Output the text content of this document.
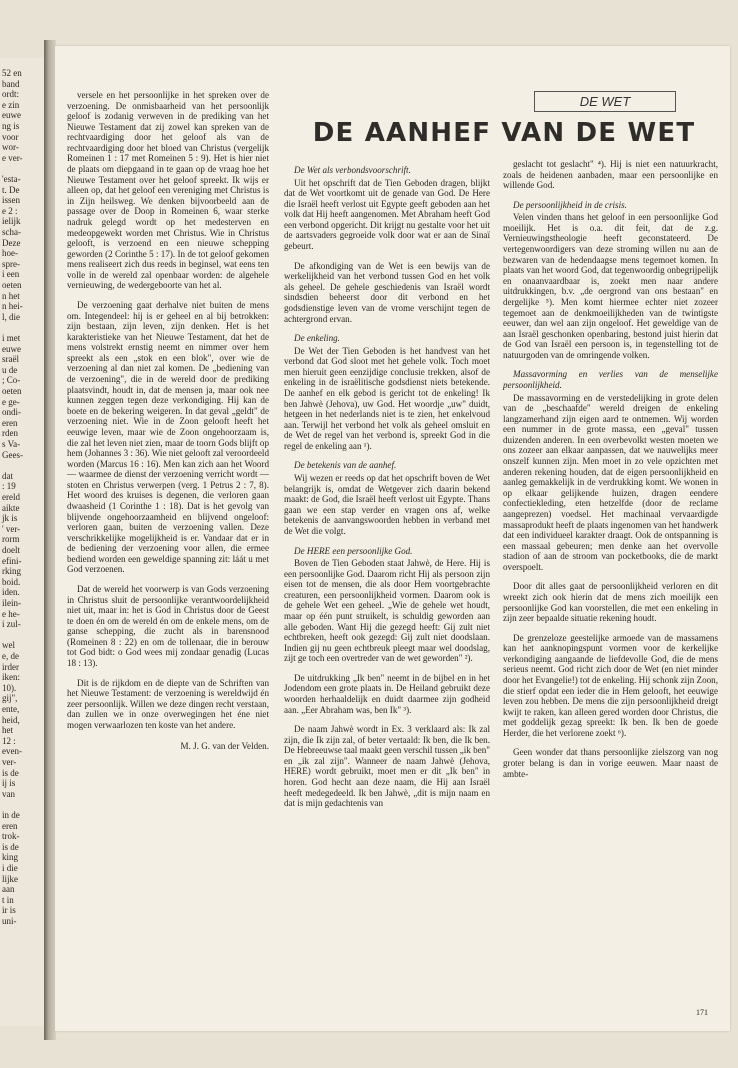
52 en
band
ordt:
e zin
euwe
ng is
voor
wor-
e ver-
'esta-
t. De
issen
e 2 :
ielijk
scha-
Deze
hoe-
spre-
i een
oeten
n het
n hei-
l, die
i met
euwe
sraël
u de
; Co-
oeten
e ge-
ondi-
eren
rden
s Va-
Gees-
dat
: 19
ereld
aikte
jk is
' ver-
rorm
doelt
efini-
rking
boid.
iden.
ilein-
e he-
i zul-
wel
e, de
irder
iken:
10).
gij",
ente,
heid,
het
12 :
even-
ver-
is de
ij is
van
in de
eren
trok-
is de
king
i die
lijke
aan
t in
ir is
uni-
DE WET
DE AANHEF VAN DE WET

versele en het persoonlijke in het spreken over de verzoening. De onmisbaarheid van het persoonlijk geloof is zodanig verweven in de prediking van het Nieuwe Testament dat zij zowel kan spreken van de rechtvaardiging door het geloof als van de rechtvaardiging door het bloed van Christus (vergelijk Romeinen 1 : 17 met Romeinen 5 : 9). Het is hier niet de plaats om diepgaand in te gaan op de vraag hoe het Nieuwe Testament over het geloof spreekt. Ik wijs er alleen op, dat het geloof een vereniging met Christus is in Zijn heilsweg. We denken bijvoorbeeld aan de passage over de Doop in Romeinen 6, waar sterke nadruk gelegd wordt op het medesterven en medeopgewekt worden met Christus. Wie in Christus gelooft, is verzoend en een nieuwe schepping geworden (2 Corinthe 5 : 17). In de tot geloof gekomen mens realiseert zich dus reeds in beginsel, wat eens ten volle in de wereld zal openbaar worden: de algehele vernieuwing, de wedergeboorte van het al.

De verzoening gaat derhalve niet buiten de mens om. Integendeel: hij is er geheel en al bij betrokken: zijn bestaan, zijn leven, zijn denken. Het is het karakteristieke van het Nieuwe Testament, dat het de mens volstrekt ernstig neemt en nimmer over hem spreekt als een „stok en een blok", over wie de verzoening al dan niet zal komen. De „bediening van de verzoening", die in de wereld door de prediking plaatsvindt, houdt in, dat de mensen ja, maar ook nee kunnen zeggen tegen deze verkondiging. Hij kan de boete en de bekering weigeren. In dat geval „geldt" de verzoening niet. Wie in de Zoon gelooft heeft het eeuwige leven, maar wie de Zoon ongehoorzaam is, die zal het leven niet zien, maar de toorn Gods blijft op hem (Johannes 3 : 36). Wie niet gelooft zal veroordeeld worden (Marcus 16 : 16). Men kan zich aan het Woord — waarmee de dienst der verzoening verricht wordt — stoten en Christus verwerpen (verg. 1 Petrus 2 : 7, 8). Het woord des kruises is degenen, die verloren gaan dwaasheid (1 Corinthe 1 : 18). Dat is het gevolg van blijvende ongehoorzaamheid en blijvend ongeloof: verloren gaan, buiten de verzoening vallen. Deze verschrikkelijke mogelijkheid is er. Vandaar dat er in de bediening der verzoening voor allen, die ermee bediend worden een geweldige spanning zit: láát u met God verzoenen.

Dat de wereld het voorwerp is van Gods verzoening in Christus sluit de persoonlijke verantwoordelijkheid niet uit, maar in: het is God in Christus door de Geest te doen én om de wereld én om de enkele mens, om de ganse schepping, die zucht als in barensnood (Romeinen 8 : 22) en om de tollenaar, die in berouw tot God bidt: o God wees mij zondaar genadig (Lucas 18 : 13).

Dit is de rijkdom en de diepte van de Schriften van het Nieuwe Testament: de verzoening is wereldwijd én zeer persoonlijk. Willen we deze dingen recht verstaan, dan zullen we in onze overwegingen het éne niet mogen verwaarlozen ten koste van het andere.

M. J. G. van der Velden.

De Wet als verbondsvoorschrift.

Uit het opschrift dat de Tien Geboden dragen, blijkt dat de Wet voortkomt uit de genade van God. De Here die Israël heeft verlost uit Egypte geeft geboden aan het volk dat Hij heeft aangenomen. Met Abraham heeft God een verbond opgericht. Dit krijgt nu gestalte voor het uit de aartsvaders gegroeide volk door wat er aan de Sinaï gebeurt.

De afkondiging van de Wet is een bewijs van de werkelijkheid van het verbond tussen God en het volk als geheel. De gehele geschiedenis van Israël wordt sindsdien beheerst door dit verbond en het godsdienstige leven van de vrome verschijnt tegen de achtergrond ervan.

De enkeling.

De Wet der Tien Geboden is het handvest van het verbond dat God sloot met het gehele volk. Toch moet men hieruit geen eenzijdige conclusie trekken, alsof de enkeling in de israëlitische godsdienst niets betekende. De aanhef en elk gebod is gericht tot de enkeling! Ik ben Jahwè (Jehova), uw God. Het woordje „uw" duidt, hetgeen in het nederlands niet is te zien, het enkelvoud aan. Terwijl het verbond het volk als geheel omsluit en de Wet de regel van het verbond is, spreekt God in die regel de enkeling aan ¹).

De betekenis van de aanhef.

Wij wezen er reeds op dat het opschrift boven de Wet belangrijk is, omdat de Wetgever zich daarin bekend maakt: de God, die Israël heeft verlost uit Egypte. Thans gaan we een stap verder en vragen ons af, welke betekenis de aanvangswoorden hebben in verband met de Wet die volgt.

De HERE een persoonlijke God.

Boven de Tien Geboden staat Jahwè, de Here. Hij is een persoonlijke God. Daarom richt Hij als persoon zijn eisen tot de mensen, die als door Hem voortgebrachte creaturen, een persoonlijkheid vormen. Daarom ook is de gehele Wet een geheel. „Wie de gehele wet houdt, maar op één punt struikelt, is schuldig geworden aan alle geboden. Want Hij die gezegd heeft: Gij zult niet echtbreken, heeft ook gezegd: Gij zult niet doodslaan. Indien gij nu geen echtbreuk pleegt maar wel doodslag, zijt ge toch een overtreder van de wet geworden" ²).

De uitdrukking „Ik ben" neemt in de bijbel en in het Jodendom een grote plaats in. De Heiland gebruikt deze woorden herhaaldelijk en duidt daarmee zijn godheid aan. „Eer Abraham was, ben Ik" ³).

De naam Jahwè wordt in Ex. 3 verklaard als: Ik zal zijn, die Ik zijn zal, of beter vertaald: Ik ben, die Ik ben. De Hebreeuwse taal maakt geen verschil tussen „ik ben" en „ik zal zijn". Wanneer de naam Jahwè (Jehova, HERE) wordt gebruikt, moet men er dit „Ik ben" in horen. God hecht aan deze naam, die Hij aan Israël heeft medegedeeld. Ik ben Jahwè, „dit is mijn naam en dat is mijn gedachtenis van

geslacht tot geslacht" ⁴). Hij is niet een natuurkracht, zoals de heidenen aanbaden, maar een persoonlijke en willende God.

De persoonlijkheid in de crisis.

Velen vinden thans het geloof in een persoonlijke God moeilijk. Het is o.a. dit feit, dat de z.g. Vernieuwingstheologie heeft geconstateerd. De vertegenwoordigers van deze stroming willen nu aan de bezwaren van de hedendaagse mens tegemoet komen. In plaats van het woord God, dat tegenwoordig onbegrijpelijk en onaanvaardbaar is, zoekt men naar andere uitdrukkingen, b.v. „de oergrond van ons bestaan" en dergelijke ⁵). Men komt hiermee echter niet zozeer tegemoet aan de denkmoeilijkheden van de twintigste eeuwer, dan wel aan zijn ongeloof. Het geweldige van de aan Israël geschonken openbaring, bestond juist hierin dat de God van Israël een persoon is, in tegenstelling tot de natuurgoden van de omringende volken.

Massavorming en verlies van de menselijke persoonlijkheid.

De massavorming en de verstedelijking in grote delen van de „beschaafde" wereld dreigen de enkeling langzamerhand zijn eigen aard te ontnemen. Wij worden een nummer in de grote massa, een „geval" tussen duizenden anderen. In een overbevolkt westen moeten we ons zozeer aan elkaar aanpassen, dat we nauwelijks meer onszelf kunnen zijn. Men moet in zo vele opzichten met anderen rekening houden, dat de eigen persoonlijkheid en aanleg gemakkelijk in de verdrukking komt. We wonen in op elkaar gelijkende huizen, dragen eendere confectiekleding, eten hetzelfde (door de reclame aangeprezen) voedsel. Het machinaal vervaardigde massaprodukt heeft de plaats ingenomen van het handwerk dat een individueel karakter draagt. Ook de ontspanning is een massaal gebeuren; men denke aan het overvolle stadion of aan de stroom van pocketbooks, die de markt overspoelt.

Door dit alles gaat de persoonlijkheid verloren en dit wreekt zich ook hierin dat de mens zich moeilijk een persoonlijke God kan voorstellen, die met een enkeling in zijn zeer bepaalde situatie rekening houdt.

De grenzeloze geestelijke armoede van de massamens kan het aanknopingspunt vormen voor de kerkelijke verkondiging aangaande de liefdevolle God, die de mens serieus neemt. God richt zich door de Wet (en niet minder door het Evangelie!) tot de enkeling. Hij schonk zijn Zoon, die stierf opdat een ieder die in Hem gelooft, het eeuwige leven zou hebben. De mens die zijn persoonlijkheid dreigt kwijt te raken, kan alleen gered worden door Christus, die met goddelijk gezag spreekt: Ik ben. Ik ben de goede Herder, die het verlorene zoekt ⁶).

Geen wonder dat thans persoonlijke zielszorg van nog groter belang is dan in vorige eeuwen. Maar naast de ambte-

171
